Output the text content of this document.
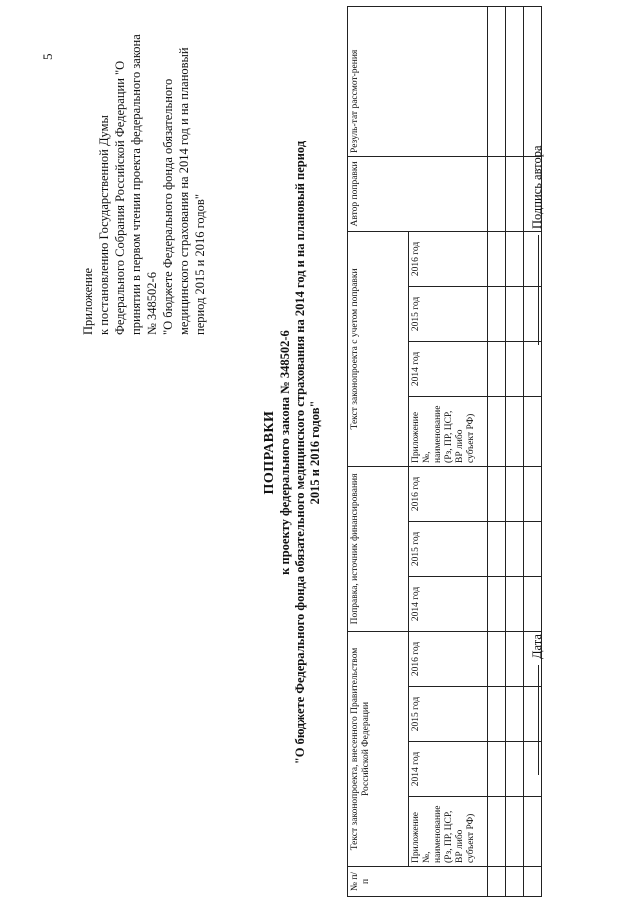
5
Приложение к постановлению Государственной Думы Федерального Собрания Российской Федерации "О принятии в первом чтении проекта федерального закона № 348502-6 "О бюджете Федерального фонда обязательного медицинского страхования на 2014 год и на плановый период 2015 и 2016 годов"
ПОПРАВКИ к проекту федерального закона № 348502-6 "О бюджете Федерального фонда обязательного медицинского страхования на 2014 год и на плановый период 2015 и 2016 годов"
№ п/п	Текст законопроекта, внесенного Правительством Российской Федерации				Поправка, источник финансирования			Текст законопроекта с учетом поправки				Автор поправки	Резуль-тат рассмот-рения
	Приложение №, наименование (Рз, ПР, ЦСР, ВР либо субъект РФ)	2014 год	2015 год	2016 год	2014 год	2015 год	2016 год	Приложение №, наименование (Рз, ПР, ЦСР, ВР либо субъект РФ)	2014 год	2015 год	2016 год		

Дата
Подпись автора
